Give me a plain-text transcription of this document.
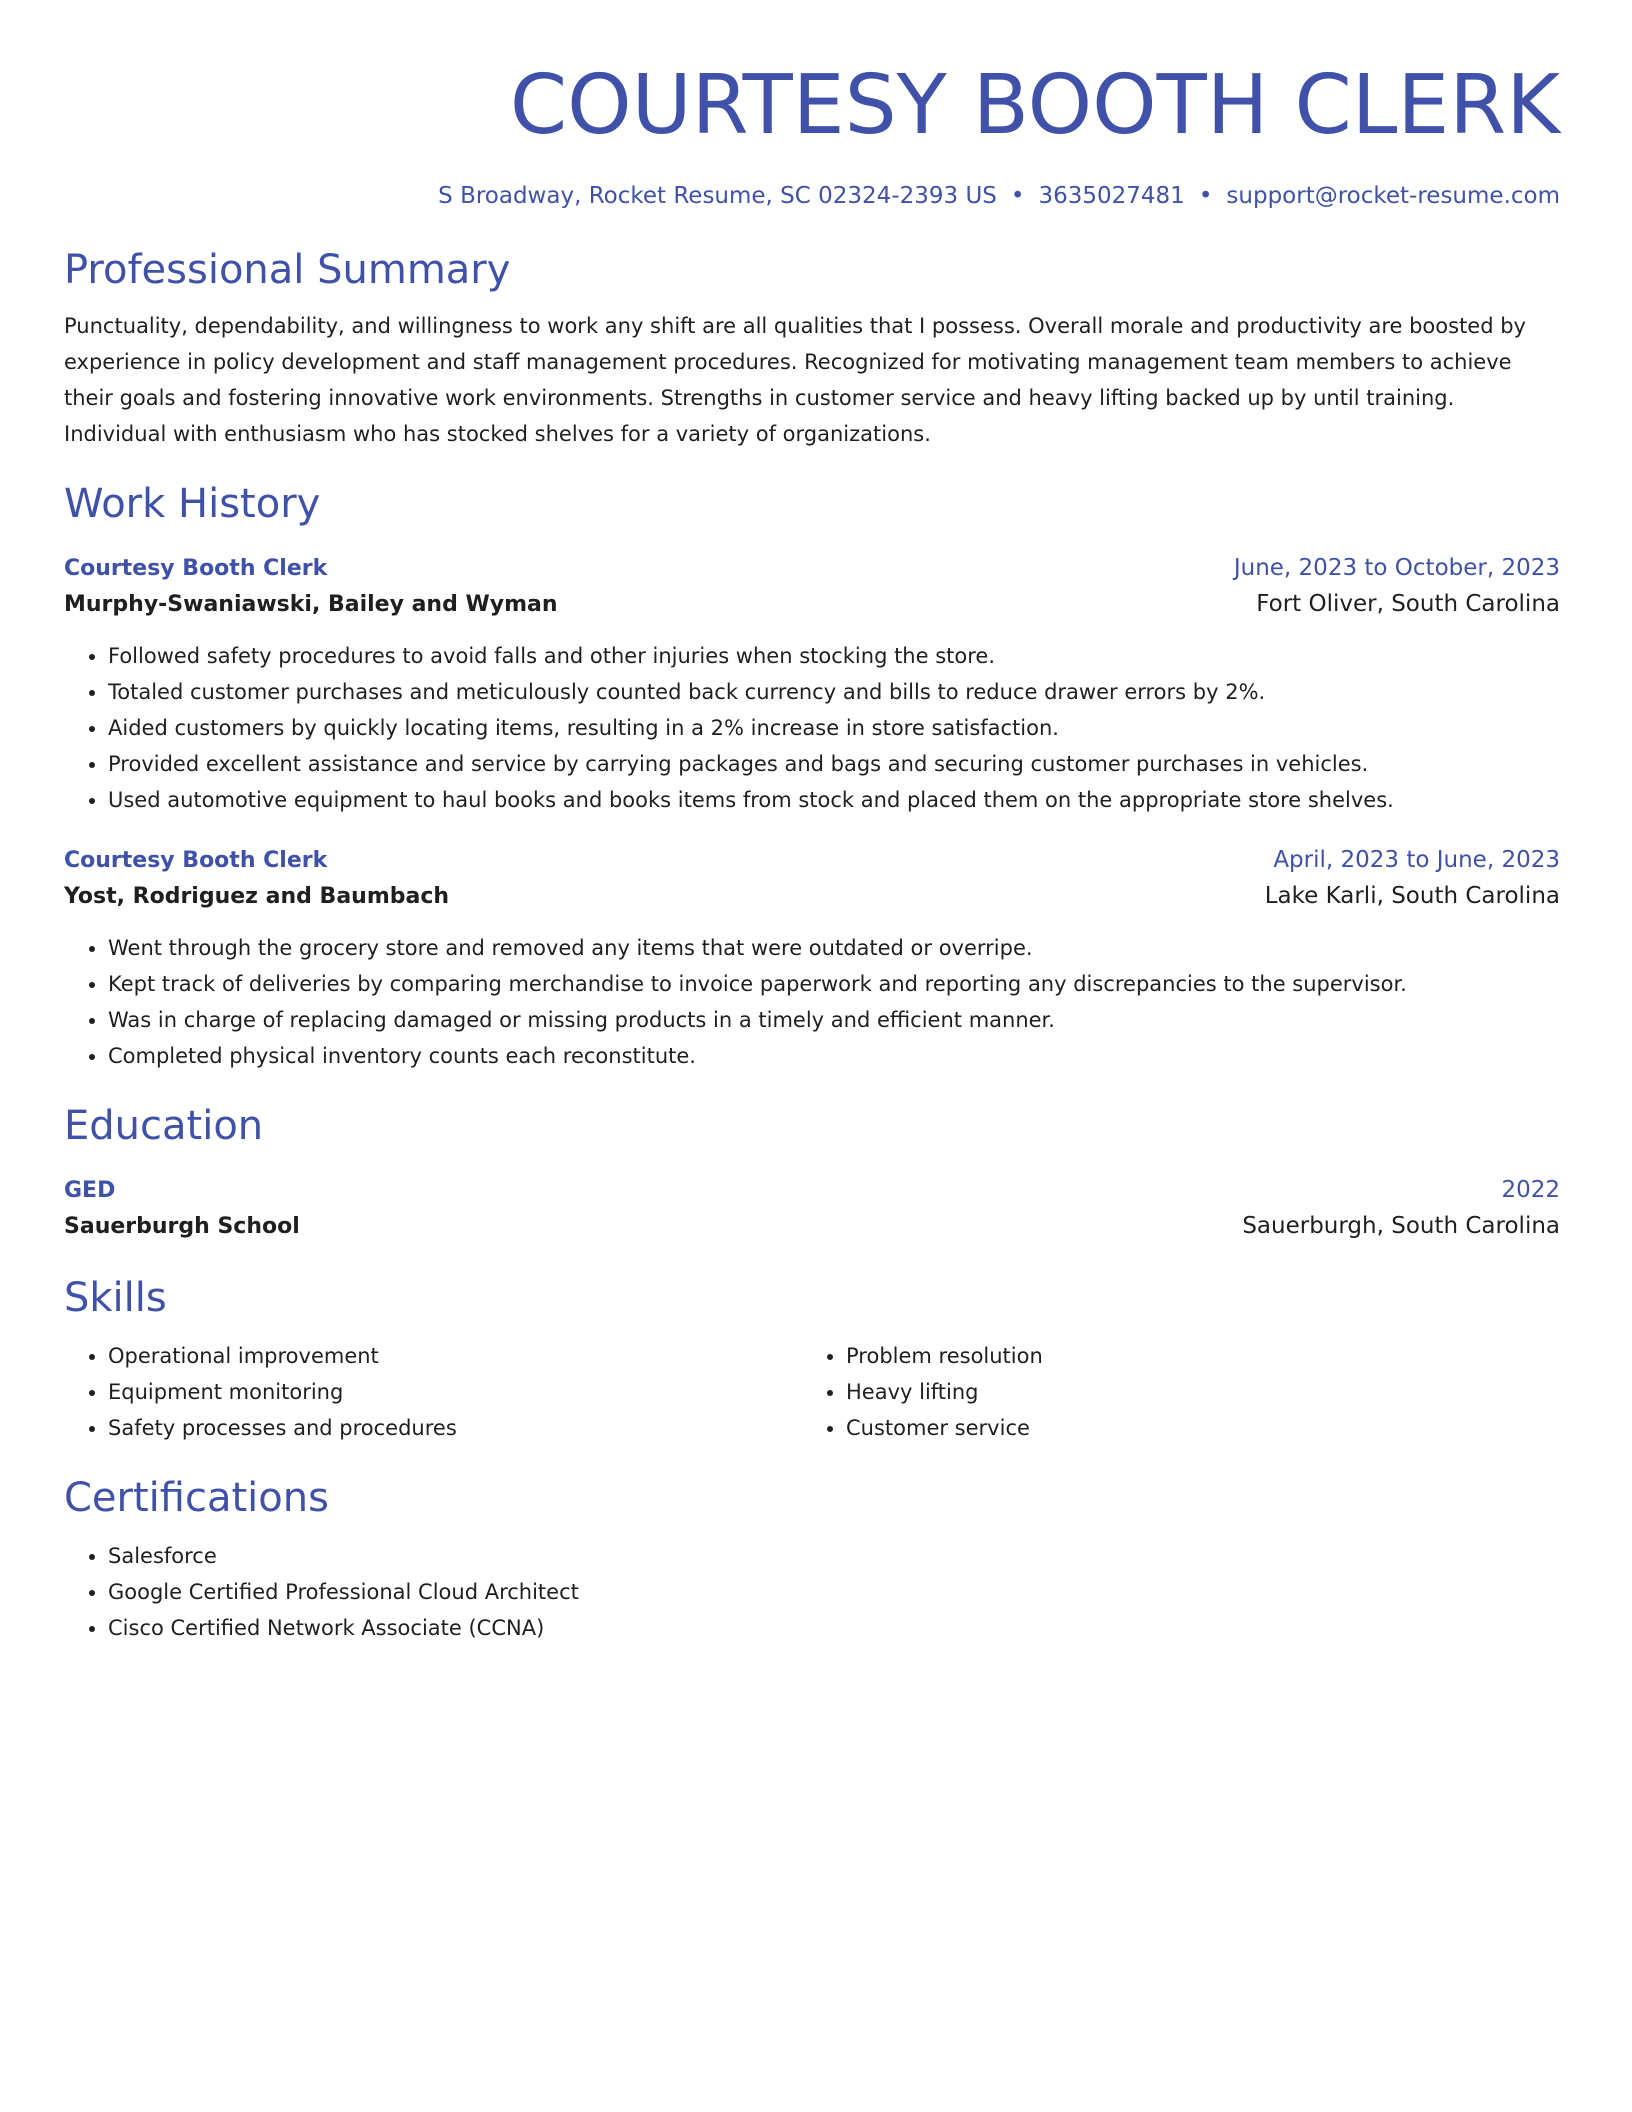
COURTESY BOOTH CLERK
S Broadway, Rocket Resume, SC 02324-2393 US • 3635027481 • support@rocket-resume.com
Professional Summary
Punctuality, dependability, and willingness to work any shift are all qualities that I possess. Overall morale and productivity are boosted by experience in policy development and staff management procedures. Recognized for motivating management team members to achieve their goals and fostering innovative work environments. Strengths in customer service and heavy lifting backed up by until training. Individual with enthusiasm who has stocked shelves for a variety of organizations.
Work History
Courtesy Booth Clerk	June, 2023 to October, 2023
Murphy-Swaniawski, Bailey and Wyman	Fort Oliver, South Carolina
• Followed safety procedures to avoid falls and other injuries when stocking the store.
• Totaled customer purchases and meticulously counted back currency and bills to reduce drawer errors by 2%.
• Aided customers by quickly locating items, resulting in a 2% increase in store satisfaction.
• Provided excellent assistance and service by carrying packages and bags and securing customer purchases in vehicles.
• Used automotive equipment to haul books and books items from stock and placed them on the appropriate store shelves.
Courtesy Booth Clerk	April, 2023 to June, 2023
Yost, Rodriguez and Baumbach	Lake Karli, South Carolina
• Went through the grocery store and removed any items that were outdated or overripe.
• Kept track of deliveries by comparing merchandise to invoice paperwork and reporting any discrepancies to the supervisor.
• Was in charge of replacing damaged or missing products in a timely and efficient manner.
• Completed physical inventory counts each reconstitute.
Education
GED	2022
Sauerburgh School	Sauerburgh, South Carolina
Skills
• Operational improvement
• Equipment monitoring
• Safety processes and procedures
• Problem resolution
• Heavy lifting
• Customer service
Certifications
• Salesforce
• Google Certified Professional Cloud Architect
• Cisco Certified Network Associate (CCNA)
